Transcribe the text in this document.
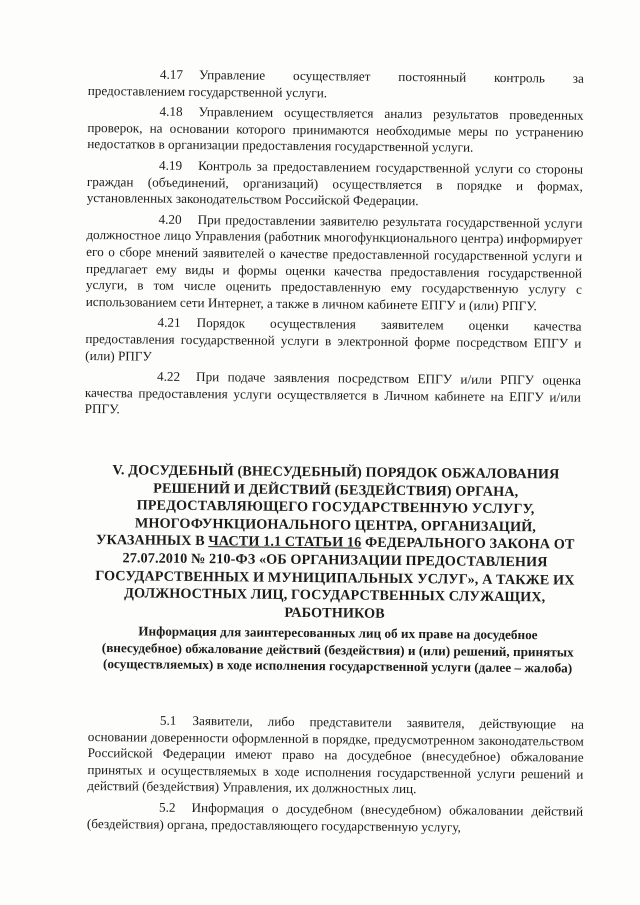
4.17 Управление осуществляет постоянный контроль за предоставлением государственной услуги.

4.18 Управлением осуществляется анализ результатов проведенных проверок, на основании которого принимаются необходимые меры по устранению недостатков в организации предоставления государственной услуги.

4.19 Контроль за предоставлением государственной услуги со стороны граждан (объединений, организаций) осуществляется в порядке и формах, установленных законодательством Российской Федерации.

4.20 При предоставлении заявителю результата государственной услуги должностное лицо Управления (работник многофункционального центра) информирует его о сборе мнений заявителей о качестве предоставленной государственной услуги и предлагает ему виды и формы оценки качества предоставления государственной услуги, в том числе оценить предоставленную ему государственную услугу с использованием сети Интернет, а также в личном кабинете ЕПГУ и (или) РПГУ.

4.21 Порядок осуществления заявителем оценки качества предоставления государственной услуги в электронной форме посредством ЕПГУ и (или) РПГУ

4.22 При подаче заявления посредством ЕПГУ и/или РПГУ оценка качества предоставления услуги осуществляется в Личном кабинете на ЕПГУ и/или РПГУ.

V. ДОСУДЕБНЫЙ (ВНЕСУДЕБНЫЙ) ПОРЯДОК ОБЖАЛОВАНИЯ РЕШЕНИЙ И ДЕЙСТВИЙ (БЕЗДЕЙСТВИЯ) ОРГАНА, ПРЕДОСТАВЛЯЮЩЕГО ГОСУДАРСТВЕННУЮ УСЛУГУ, МНОГОФУНКЦИОНАЛЬНОГО ЦЕНТРА, ОРГАНИЗАЦИЙ, УКАЗАННЫХ В ЧАСТИ 1.1 СТАТЬИ 16 ФЕДЕРАЛЬНОГО ЗАКОНА ОТ 27.07.2010 № 210-ФЗ «ОБ ОРГАНИЗАЦИИ ПРЕДОСТАВЛЕНИЯ ГОСУДАРСТВЕННЫХ И МУНИЦИПАЛЬНЫХ УСЛУГ», А ТАКЖЕ ИХ ДОЛЖНОСТНЫХ ЛИЦ, ГОСУДАРСТВЕННЫХ СЛУЖАЩИХ, РАБОТНИКОВ
Информация для заинтересованных лиц об их праве на досудебное (внесудебное) обжалование действий (бездействия) и (или) решений, принятых (осуществляемых) в ходе исполнения государственной услуги (далее – жалоба)

5.1 Заявители, либо представители заявителя, действующие на основании доверенности оформленной в порядке, предусмотренном законодательством Российской Федерации имеют право на досудебное (внесудебное) обжалование принятых и осуществляемых в ходе исполнения государственной услуги решений и действий (бездействия) Управления, их должностных лиц.

5.2 Информация о досудебном (внесудебном) обжаловании действий (бездействия) органа, предоставляющего государственную услугу,
